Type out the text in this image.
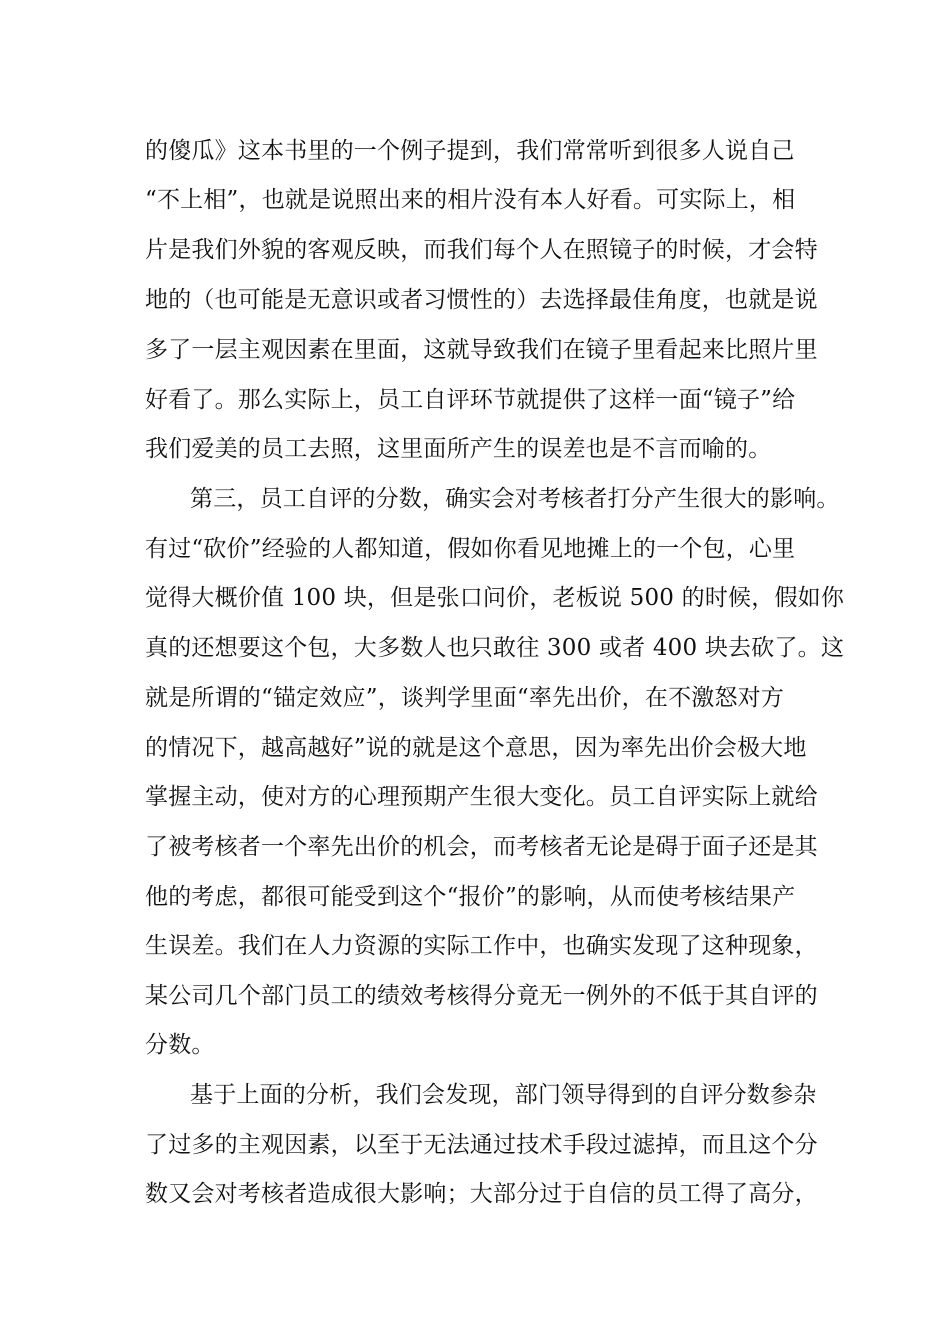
的傻瓜》这本书里的一个例子提到，我们常常听到很多人说自己
“不上相”，也就是说照出来的相片没有本人好看。可实际上，相
片是我们外貌的客观反映，而我们每个人在照镜子的时候，才会特
地的（也可能是无意识或者习惯性的）去选择最佳角度，也就是说
多了一层主观因素在里面，这就导致我们在镜子里看起来比照片里
好看了。那么实际上，员工自评环节就提供了这样一面“镜子”给
我们爱美的员工去照，这里面所产生的误差也是不言而喻的。
第三，员工自评的分数，确实会对考核者打分产生很大的影响。
有过“砍价”经验的人都知道，假如你看见地摊上的一个包，心里
觉得大概价值 100 块，但是张口问价，老板说 500 的时候，假如你
真的还想要这个包，大多数人也只敢往 300 或者 400 块去砍了。这
就是所谓的“锚定效应”，谈判学里面“率先出价，在不激怒对方
的情况下，越高越好”说的就是这个意思，因为率先出价会极大地
掌握主动，使对方的心理预期产生很大变化。员工自评实际上就给
了被考核者一个率先出价的机会，而考核者无论是碍于面子还是其
他的考虑，都很可能受到这个“报价”的影响，从而使考核结果产
生误差。我们在人力资源的实际工作中，也确实发现了这种现象，
某公司几个部门员工的绩效考核得分竟无一例外的不低于其自评的
分数。
基于上面的分析，我们会发现，部门领导得到的自评分数参杂
了过多的主观因素，以至于无法通过技术手段过滤掉，而且这个分
数又会对考核者造成很大影响；大部分过于自信的员工得了高分，
